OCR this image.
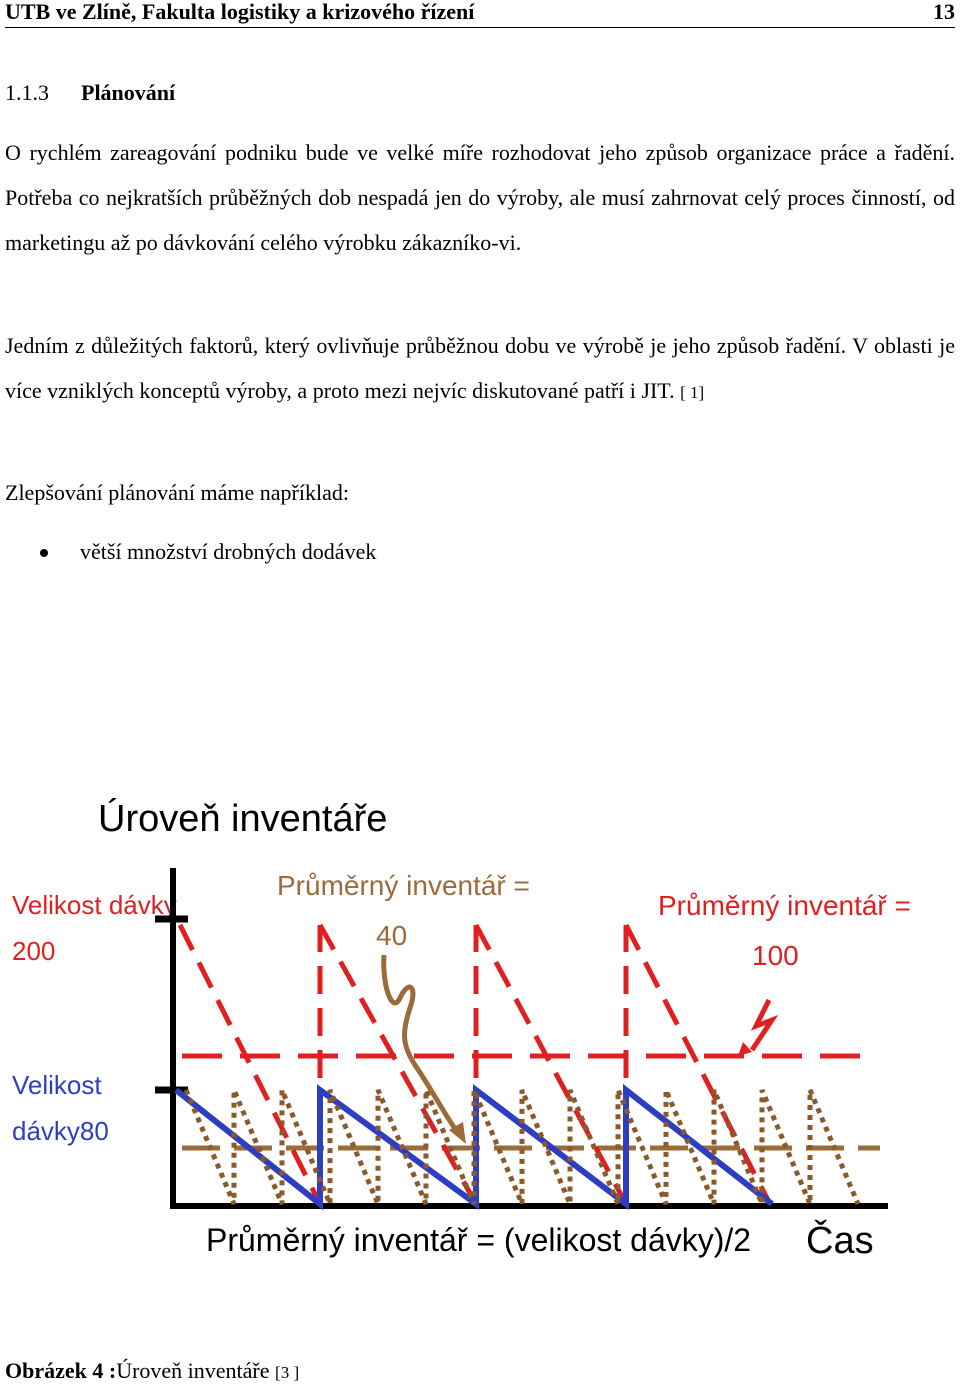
UTB ve Zlíně, Fakulta logistiky a krizového řízení	13
1.1.3 Plánování
O rychlém zareagování podniku bude ve velké míře rozhodovat jeho způsob organizace práce a řadění. Potřeba co nejkratších průběžných dob nespadá jen do výroby, ale musí zahrnovat celý proces činností, od marketingu až po dávkování celého výrobku zákazníko-vi.
Jedním z důležitých faktorů, který ovlivňuje průběžnou dobu ve výrobě je jeho způsob řadění. V oblasti je více vzniklých konceptů výroby, a proto mezi nejvíc diskutované patří i JIT. [ 1]
Zlepšování plánování máme například:
větší množství drobných dodávek
Úroveň inventáře
Velikost dávky
200
Velikost
dávky80
Průměrný inventář =
40
Průměrný inventář =
100
Průměrný inventář = (velikost dávky)/2 Čas
Obrázek 4 :Úroveň inventáře [3 ]
